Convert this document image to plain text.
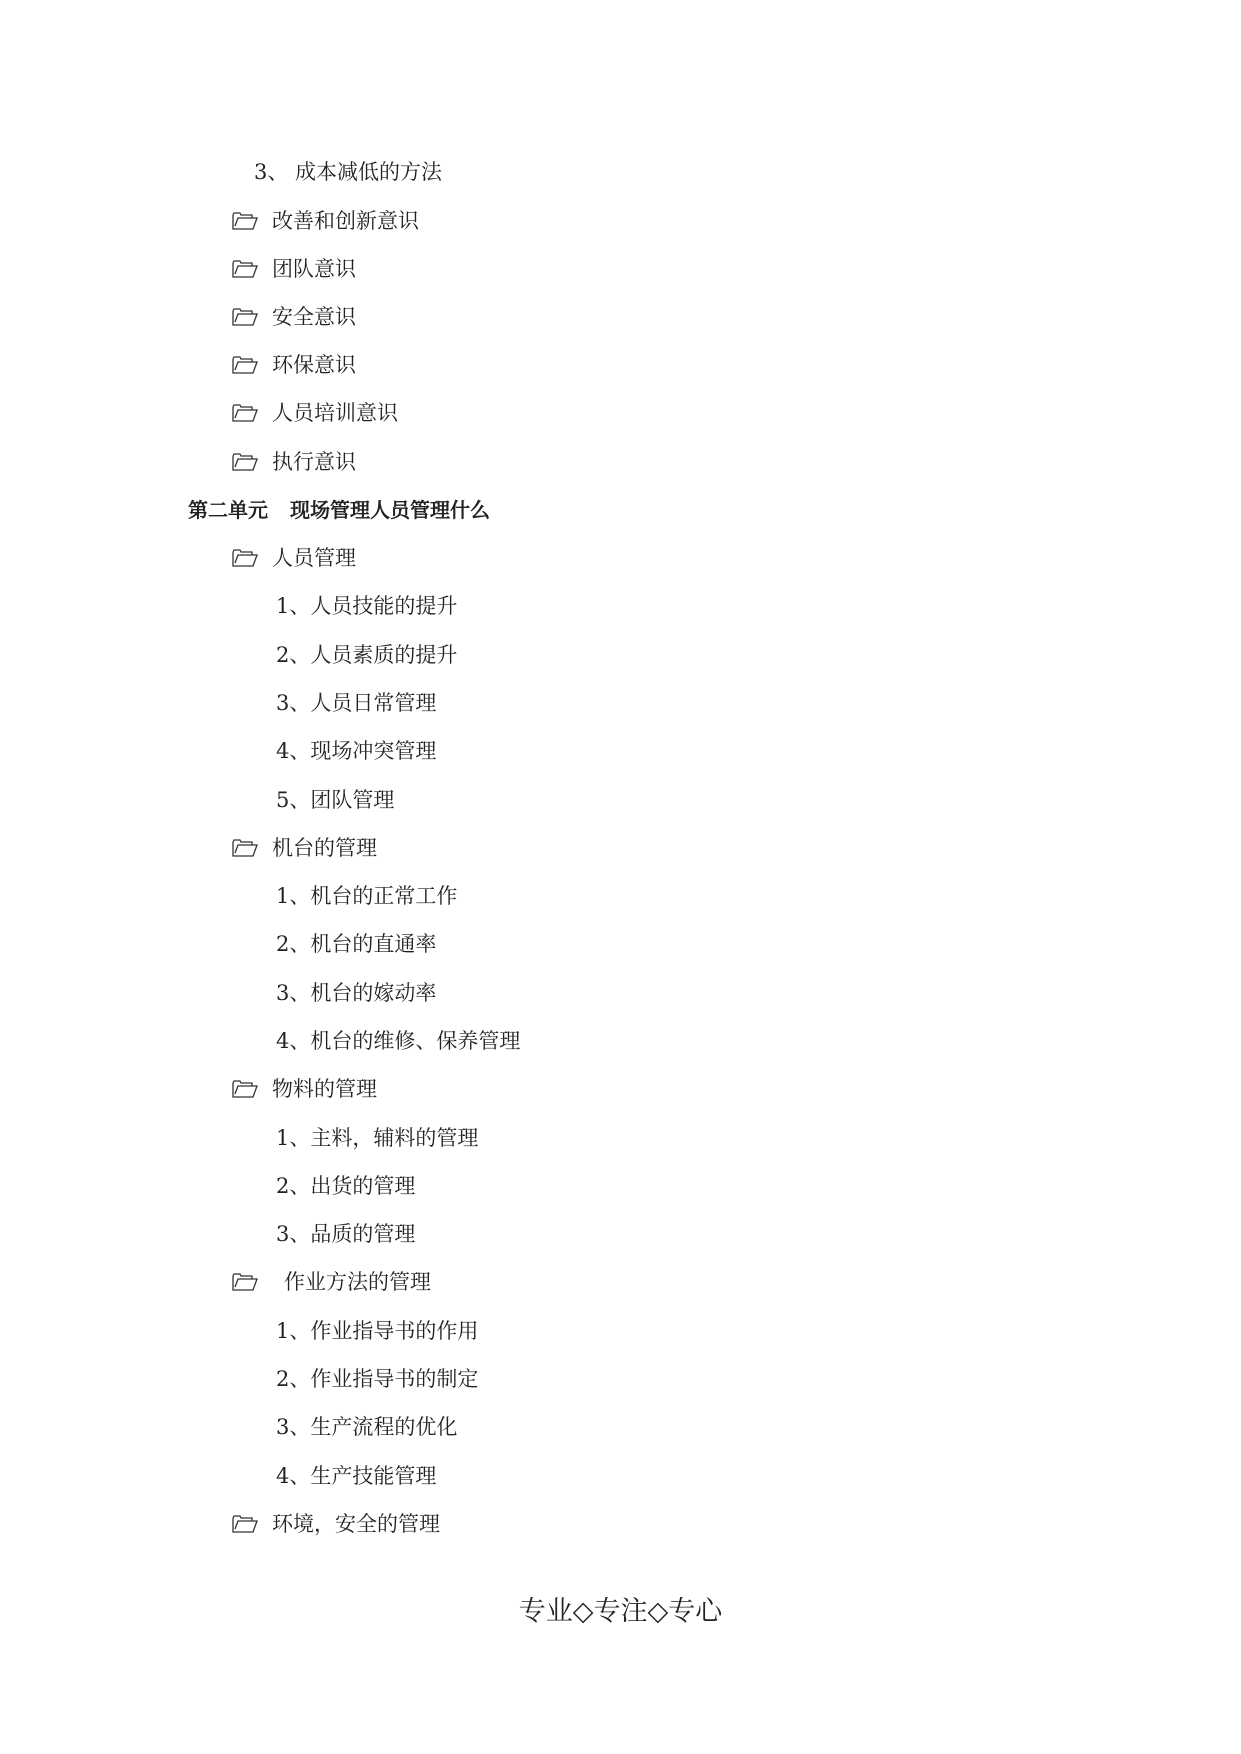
3、 成本减低的方法
改善和创新意识
团队意识
安全意识
环保意识
人员培训意识
执行意识
第二单元 现场管理人员管理什么
人员管理
1、人员技能的提升
2、人员素质的提升
3、人员日常管理
4、现场冲突管理
5、团队管理
机台的管理
1、机台的正常工作
2、机台的直通率
3、机台的嫁动率
4、机台的维修、保养管理
物料的管理
1、主料，辅料的管理
2、出货的管理
3、品质的管理
作业方法的管理
1、作业指导书的作用
2、作业指导书的制定
3、生产流程的优化
4、生产技能管理
环境，安全的管理
专业◇专注◇专心
